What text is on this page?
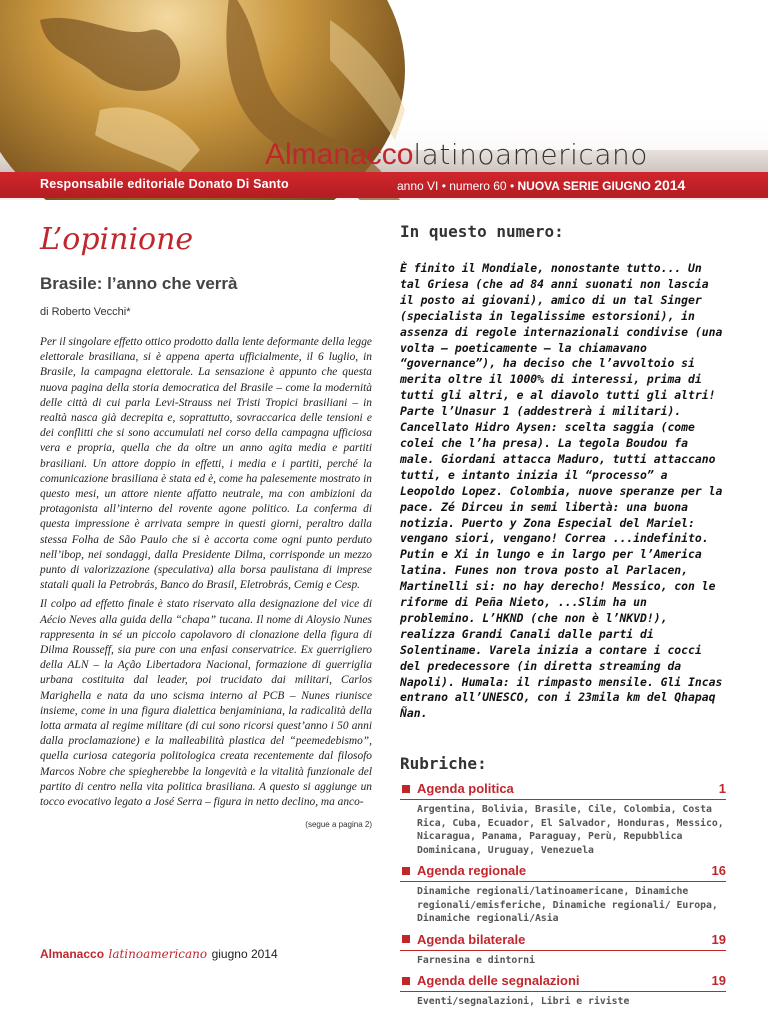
Almanaccolatinoamericano
Responsabile editoriale Donato Di Santo	anno VI • numero 60 • NUOVA SERIE GIUGNO 2014
L’opinione
Brasile: l’anno che verrà
di Roberto Vecchi*

Per il singolare effetto ottico prodotto dalla lente deformante della legge elettorale brasiliana, si è appena aperta ufficialmente, il 6 luglio, in Brasile, la campagna elettorale. La sensazione è appunto che questa nuova pagina della storia democratica del Brasile – come la modernità delle città di cui parla Levi-Strauss nei Tristi Tropici brasiliani – in realtà nasca già decrepita e, soprattutto, sovraccarica delle tensioni e dei conflitti che si sono accumulati nel corso della campagna ufficiosa vera e propria, quella che da oltre un anno agita media e partiti brasiliani. Un attore doppio in effetti, i media e i partiti, perché la comunicazione brasiliana è stata ed è, come ha palesemente mostrato in questo mesi, un attore niente affatto neutrale, ma con ambizioni da protagonista all’interno del rovente agone politico. La conferma di questa impressione è arrivata sempre in questi giorni, peraltro dalla stessa Folha de São Paulo che si è accorta come ogni punto perduto nell’ibop, nei sondaggi, dalla Presidente Dilma, corrisponde un mezzo punto di valorizzazione (speculativa) alla borsa paulistana di imprese statali quali la Petrobrás, Banco do Brasil, Eletrobrás, Cemig e Cesp.

Il colpo ad effetto finale è stato riservato alla designazione del vice di Aécio Neves alla guida della “chapa” tucana. Il nome di Aloysio Nunes rappresenta in sé un piccolo capolavoro di clonazione della figura di Dilma Rousseff, sia pure con una enfasi conservatrice. Ex guerrigliero della ALN – la Ação Libertadora Nacional, formazione di guerriglia urbana costituita dal leader, poi trucidato dai militari, Carlos Marighella e nata da uno scisma interno al PCB – Nunes riunisce insieme, come in una figura dialettica benjaminiana, la radicalità della lotta armata al regime militare (di cui sono ricorsi quest’anno i 50 anni dalla proclamazione) e la malleabilità plastica del “peemedebismo”, quella curiosa categoria politologica creata recentemente dal filosofo Marcos Nobre che spiegherebbe la longevità e la vitalità funzionale del partito di centro nella vita politica brasiliana. A questo si aggiunge un tocco evocativo legato a José Serra – figura in netto declino, ma anco-

(segue a pagina 2)
In questo numero:
È finito il Mondiale, nonostante tutto... Un tal Griesa (che ad 84 anni suonati non lascia il posto ai giovani), amico di un tal Singer (specialista in legalissime estorsioni), in assenza di regole internazionali condivise (una volta – poeticamente – la chiamavano “governance”), ha deciso che l’avvoltoio si merita oltre il 1000% di interessi, prima di tutti gli altri, e al diavolo tutti gli altri! Parte l’Unasur 1 (addestrerà i militari). Cancellato Hidro Aysen: scelta saggia (come colei che l’ha presa). La tegola Boudou fa male. Giordani attacca Maduro, tutti attaccano tutti, e intanto inizia il “processo” a Leopoldo Lopez. Colombia, nuove speranze per la pace. Zé Dirceu in semi libertà: una buona notizia. Puerto y Zona Especial del Mariel: vengano siori, vengano! Correa ...indefinito. Putin e Xi in lungo e in largo per l’America latina. Funes non trova posto al Parlacen, Martinelli si: no hay derecho! Messico, con le riforme di Peña Nieto, ...Slim ha un problemino. L’HKND (che non è l’NKVD!), realizza Grandi Canali dalle parti di Solentiname. Varela inizia a contare i cocci del predecessore (in diretta streaming da Napoli). Humala: il rimpasto mensile. Gli Incas entrano all’UNESCO, con i 23mila km del Qhapaq Ñan.
Rubriche:
Agenda politica	1
Argentina, Bolivia, Brasile, Cile, Colombia, Costa Rica, Cuba, Ecuador, El Salvador, Honduras, Messico, Nicaragua, Panama, Paraguay, Perù, Repubblica Dominicana, Uruguay, Venezuela
Agenda regionale	16
Dinamiche regionali/latinoamericane, Dinamiche regionali/emisferiche, Dinamiche regionali/ Europa, Dinamiche regionali/Asia
Agenda bilaterale	19
Farnesina e dintorni
Agenda delle segnalazioni	19
Eventi/segnalazioni, Libri e riviste
Almanacco latinoamericano giugno 2014
